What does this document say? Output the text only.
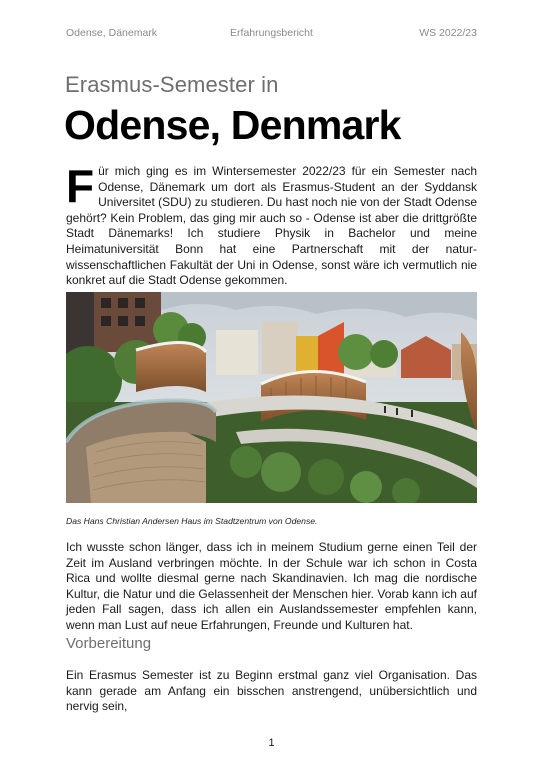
Odense, Dänemark	Erfahrungsbericht	WS 2022/23
Erasmus-Semester in
Odense, Denmark

Für mich ging es im Wintersemester 2022/23 für ein Semester nach Odense, Dänemark um dort als Erasmus-Student an der Syddansk Universitet (SDU) zu studieren. Du hast noch nie von der Stadt Odense gehört? Kein Problem, das ging mir auch so - Odense ist aber die drittgrößte Stadt Dänemarks! Ich studiere Physik in Bachelor und meine Heimatuniversität Bonn hat eine Partnerschaft mit der natur-wissenschaftlichen Fakultät der Uni in Odense, sonst wäre ich vermutlich nie konkret auf die Stadt Odense gekommen.

Das Hans Christian Andersen Haus im Stadtzentrum von Odense.

Ich wusste schon länger, dass ich in meinem Studium gerne einen Teil der Zeit im Ausland verbringen möchte. In der Schule war ich schon in Costa Rica und wollte diesmal gerne nach Skandinavien. Ich mag die nordische Kultur, die Natur und die Gelassenheit der Menschen hier. Vorab kann ich auf jeden Fall sagen, dass ich allen ein Auslandssemester empfehlen kann, wenn man Lust auf neue Erfahrungen, Freunde und Kulturen hat.

Vorbereitung

Ein Erasmus Semester ist zu Beginn erstmal ganz viel Organisation. Das kann gerade am Anfang ein bisschen anstrengend, unübersichtlich und nervig sein,

1
